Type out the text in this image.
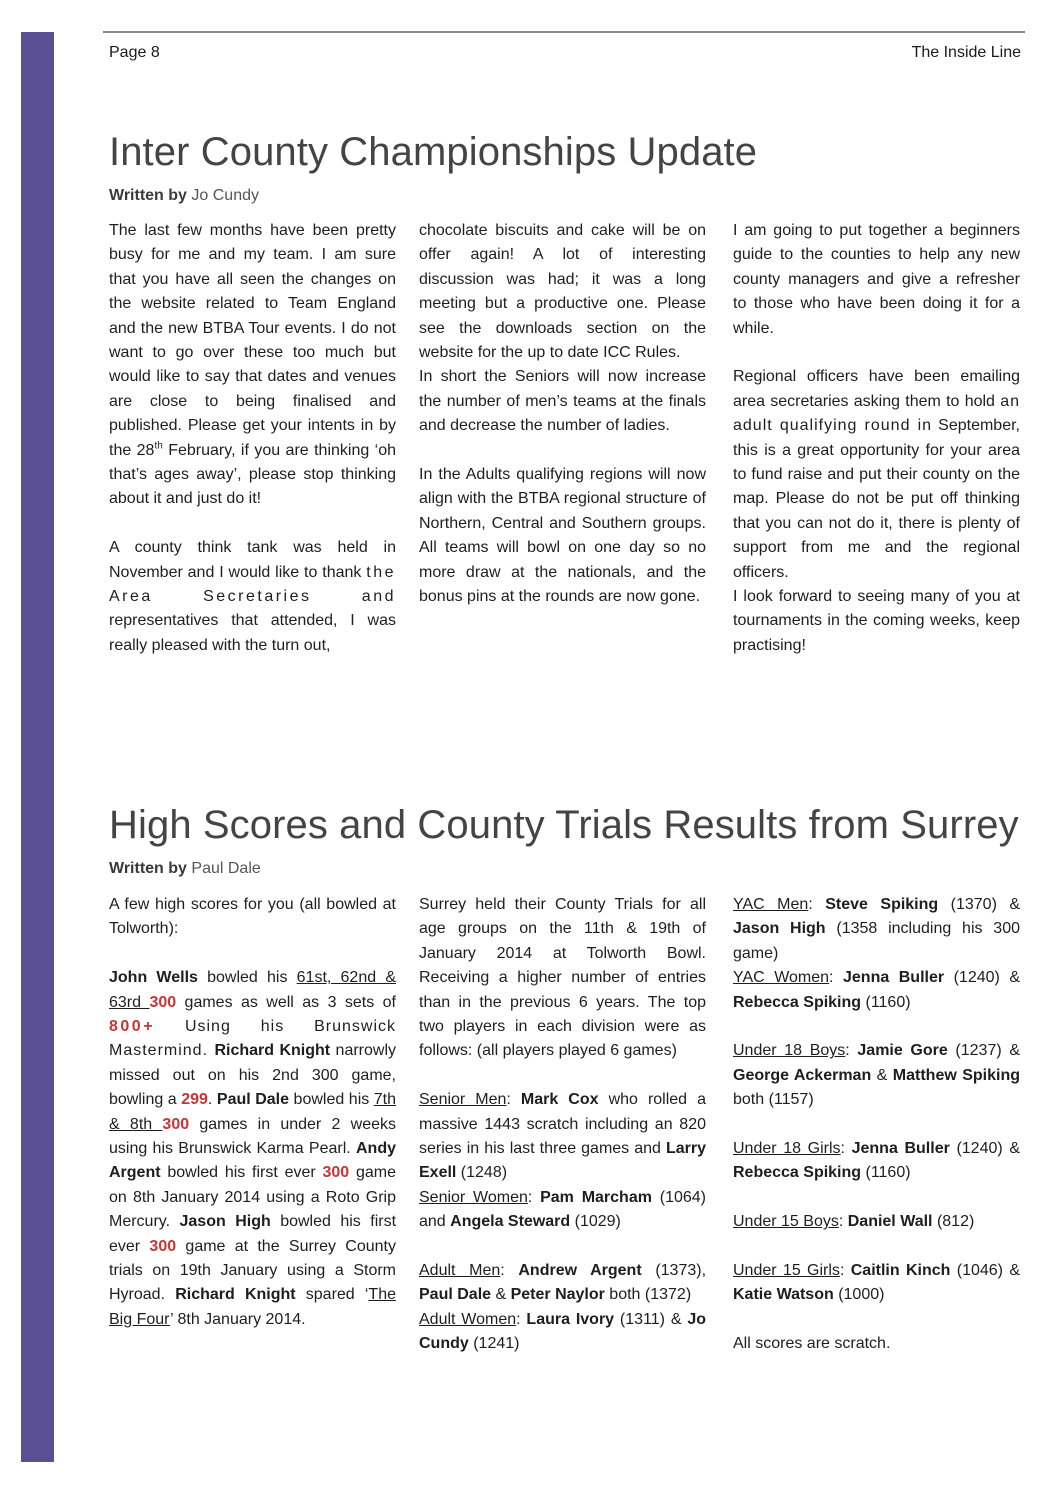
Page 8	The Inside Line
Inter County Championships Update
Written by Jo Cundy

The last few months have been pretty busy for me and my team. I am sure that you have all seen the changes on the website related to Team England and the new BTBA Tour events. I do not want to go over these too much but would like to say that dates and venues are close to being finalised and published. Please get your intents in by the 28th February, if you are thinking ‘oh that’s ages away’, please stop thinking about it and just do it!

A county think tank was held in November and I would like to thank the Area Secretaries and representatives that attended, I was really pleased with the turn out,

chocolate biscuits and cake will be on offer again! A lot of interesting discussion was had; it was a long meeting but a productive one. Please see the downloads section on the website for the up to date ICC Rules.

In short the Seniors will now increase the number of men’s teams at the finals and decrease the number of ladies.

In the Adults qualifying regions will now align with the BTBA regional structure of Northern, Central and Southern groups. All teams will bowl on one day so no more draw at the nationals, and the bonus pins at the rounds are now gone.

I am going to put together a beginners guide to the counties to help any new county managers and give a refresher to those who have been doing it for a while.

Regional officers have been emailing area secretaries asking them to hold an adult qualifying round in September, this is a great opportunity for your area to fund raise and put their county on the map. Please do not be put off thinking that you can not do it, there is plenty of support from me and the regional officers.

I look forward to seeing many of you at tournaments in the coming weeks, keep practising!

High Scores and County Trials Results from Surrey
Written by Paul Dale

A few high scores for you (all bowled at Tolworth):

John Wells bowled his 61st, 62nd & 63rd 300 games as well as 3 sets of 800+ Using his Brunswick Mastermind. Richard Knight narrowly missed out on his 2nd 300 game, bowling a 299. Paul Dale bowled his 7th & 8th 300 games in under 2 weeks using his Brunswick Karma Pearl. Andy Argent bowled his first ever 300 game on 8th January 2014 using a Roto Grip Mercury. Jason High bowled his first ever 300 game at the Surrey County trials on 19th January using a Storm Hyroad. Richard Knight spared ‘The Big Four’ 8th January 2014.

Surrey held their County Trials for all age groups on the 11th & 19th of January 2014 at Tolworth Bowl. Receiving a higher number of entries than in the previous 6 years. The top two players in each division were as follows: (all players played 6 games)

Senior Men: Mark Cox who rolled a massive 1443 scratch including an 820 series in his last three games and Larry Exell (1248)

Senior Women: Pam Marcham (1064) and Angela Steward (1029)

Adult Men: Andrew Argent (1373), Paul Dale & Peter Naylor both (1372)

Adult Women: Laura Ivory (1311) & Jo Cundy (1241)

YAC Men: Steve Spiking (1370) & Jason High (1358 including his 300 game)

YAC Women: Jenna Buller (1240) & Rebecca Spiking (1160)

Under 18 Boys: Jamie Gore (1237) & George Ackerman & Matthew Spiking both (1157)

Under 18 Girls: Jenna Buller (1240) & Rebecca Spiking (1160)

Under 15 Boys: Daniel Wall (812)

Under 15 Girls: Caitlin Kinch (1046) & Katie Watson (1000)

All scores are scratch.
